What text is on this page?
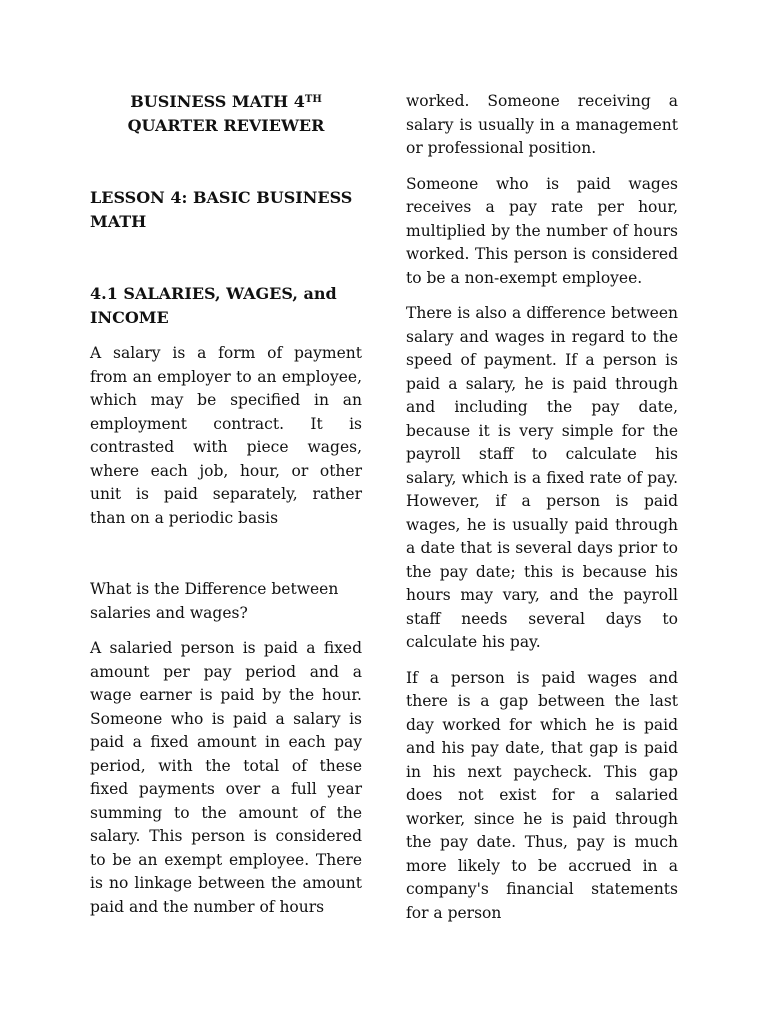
BUSINESS MATH 4TH
QUARTER REVIEWER
LESSON 4: BASIC BUSINESS MATH
4.1 SALARIES, WAGES, and INCOME

A salary is a form of payment from an employer to an employee, which may be specified in an employment contract. It is contrasted with piece wages, where each job, hour, or other unit is paid separately, rather than on a periodic basis

What is the Difference between salaries and wages?

A salaried person is paid a fixed amount per pay period and a wage earner is paid by the hour. Someone who is paid a salary is paid a fixed amount in each pay period, with the total of these fixed payments over a full year summing to the amount of the salary. This person is considered to be an exempt employee. There is no linkage between the amount paid and the number of hours

worked. Someone receiving a salary is usually in a management or professional position.

Someone who is paid wages receives a pay rate per hour, multiplied by the number of hours worked. This person is considered to be a non-exempt employee.

There is also a difference between salary and wages in regard to the speed of payment. If a person is paid a salary, he is paid through and including the pay date, because it is very simple for the payroll staff to calculate his salary, which is a fixed rate of pay. However, if a person is paid wages, he is usually paid through a date that is several days prior to the pay date; this is because his hours may vary, and the payroll staff needs several days to calculate his pay.

If a person is paid wages and there is a gap between the last day worked for which he is paid and his pay date, that gap is paid in his next paycheck. This gap does not exist for a salaried worker, since he is paid through the pay date. Thus, pay is much more likely to be accrued in a company's financial statements for a person
